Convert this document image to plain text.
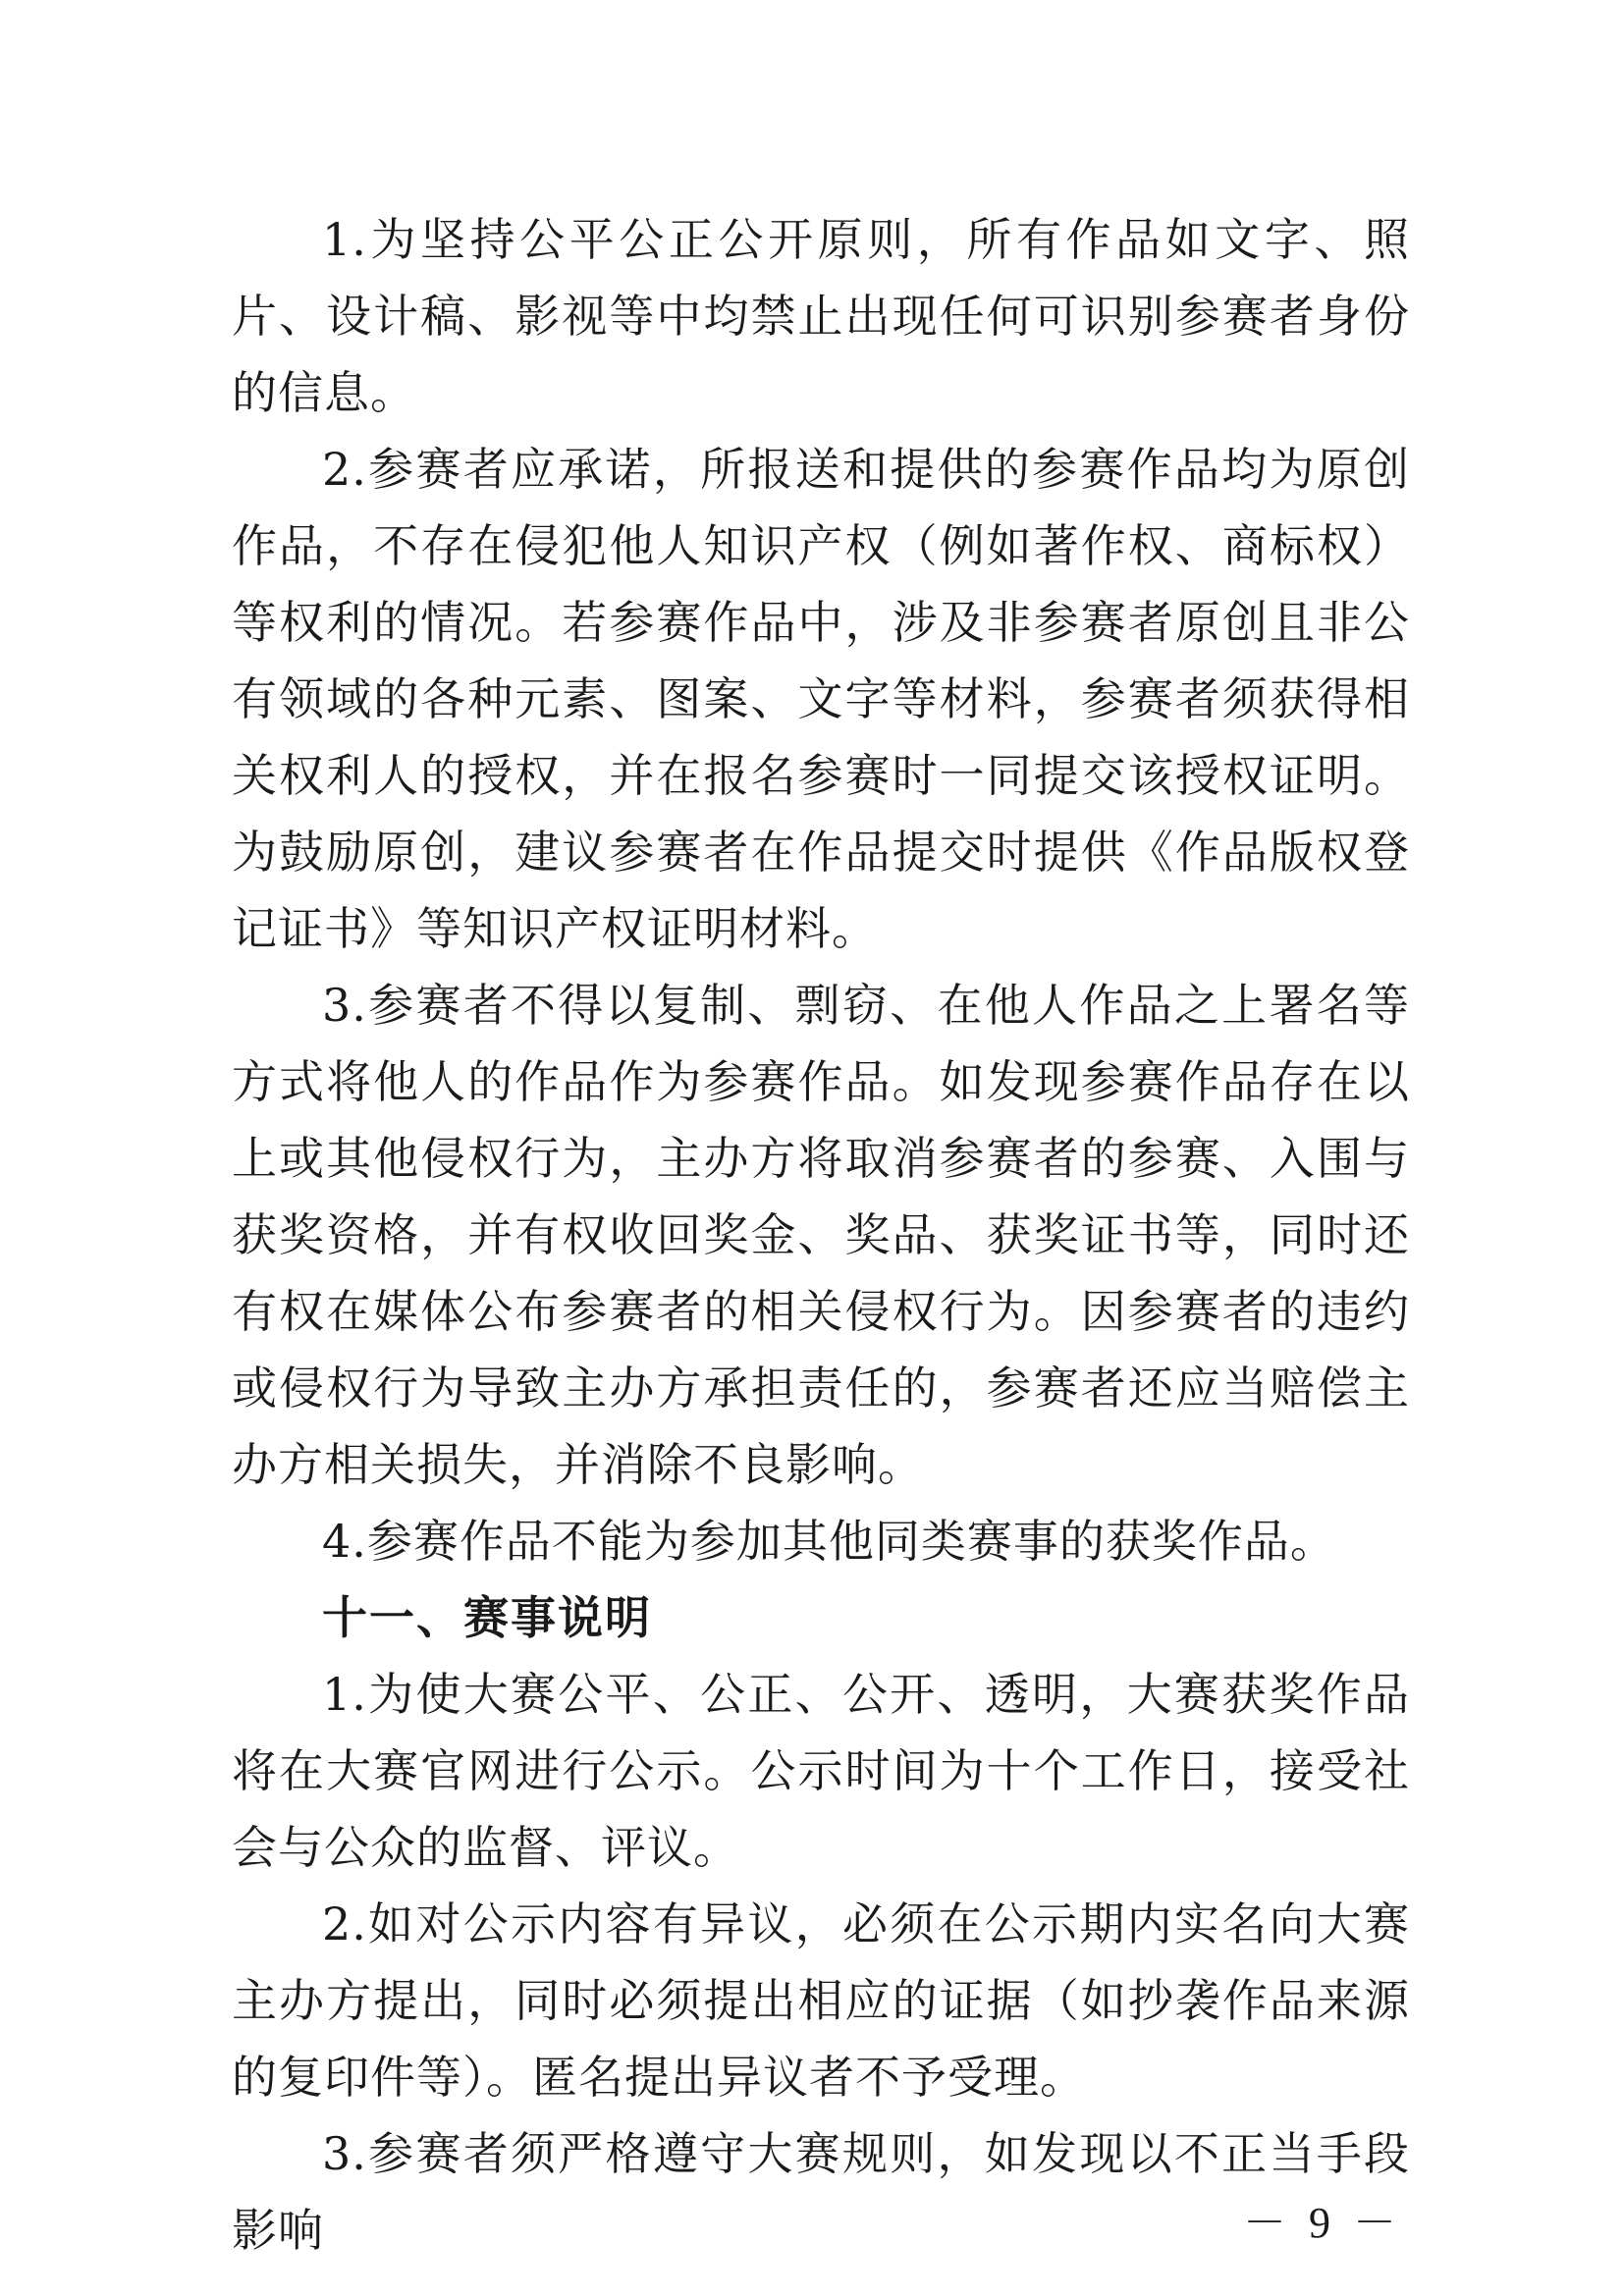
1.为坚持公平公正公开原则，所有作品如文字、照片、设计稿、影视等中均禁止出现任何可识别参赛者身份的信息。

2.参赛者应承诺，所报送和提供的参赛作品均为原创作品，不存在侵犯他人知识产权（例如著作权、商标权）等权利的情况。若参赛作品中，涉及非参赛者原创且非公有领域的各种元素、图案、文字等材料，参赛者须获得相关权利人的授权，并在报名参赛时一同提交该授权证明。为鼓励原创，建议参赛者在作品提交时提供《作品版权登记证书》等知识产权证明材料。

3.参赛者不得以复制、剽窃、在他人作品之上署名等方式将他人的作品作为参赛作品。如发现参赛作品存在以上或其他侵权行为，主办方将取消参赛者的参赛、入围与获奖资格，并有权收回奖金、奖品、获奖证书等，同时还有权在媒体公布参赛者的相关侵权行为。因参赛者的违约或侵权行为导致主办方承担责任的，参赛者还应当赔偿主办方相关损失，并消除不良影响。

4.参赛作品不能为参加其他同类赛事的获奖作品。

十一、赛事说明

1.为使大赛公平、公正、公开、透明，大赛获奖作品将在大赛官网进行公示。公示时间为十个工作日，接受社会与公众的监督、评议。

2.如对公示内容有异议，必须在公示期内实名向大赛主办方提出，同时必须提出相应的证据（如抄袭作品来源的复印件等）。匿名提出异议者不予受理。

3.参赛者须严格遵守大赛规则，如发现以不正当手段影响	－ 9 －
